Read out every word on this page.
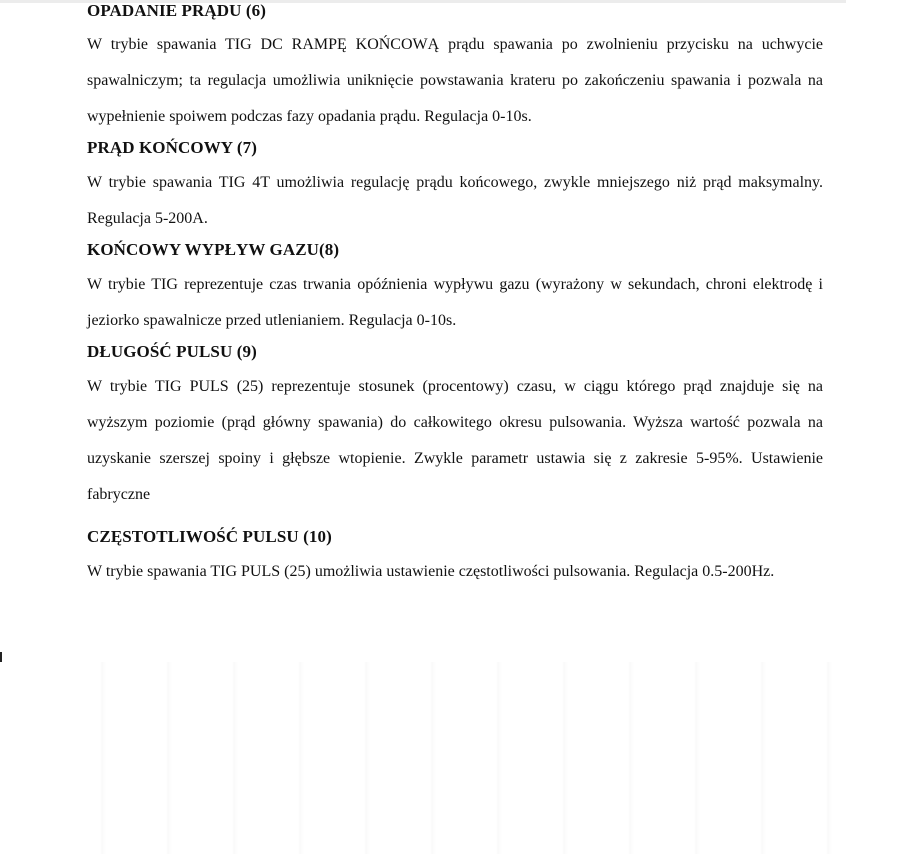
OPADANIE PRĄDU (6)

W trybie spawania TIG DC RAMPĘ KOŃCOWĄ prądu spawania po zwolnieniu przycisku na uchwycie spawalniczym; ta regulacja umożliwia uniknięcie powstawania krateru po zakończeniu spawania i pozwala na wypełnienie spoiwem podczas fazy opadania prądu. Regulacja 0-10s.

PRĄD KOŃCOWY (7)

W trybie spawania TIG 4T umożliwia regulację prądu końcowego, zwykle mniejszego niż prąd maksymalny. Regulacja 5-200A.

KOŃCOWY WYPŁYW GAZU(8)

W trybie TIG reprezentuje czas trwania opóźnienia wypływu gazu (wyrażony w sekundach, chroni elektrodę i jeziorko spawalnicze przed utlenianiem. Regulacja 0-10s.

DŁUGOŚĆ PULSU (9)

W trybie TIG PULS (25) reprezentuje stosunek (procentowy) czasu, w ciągu którego prąd znajduje się na wyższym poziomie (prąd główny spawania) do całkowitego okresu pulsowania. Wyższa wartość pozwala na uzyskanie szerszej spoiny i głębsze wtopienie. Zwykle parametr ustawia się z zakresie 5-95%. Ustawienie fabryczne

CZĘSTOTLIWOŚĆ PULSU (10)

W trybie spawania TIG PULS (25) umożliwia ustawienie częstotliwości pulsowania. Regulacja 0.5-200Hz.
